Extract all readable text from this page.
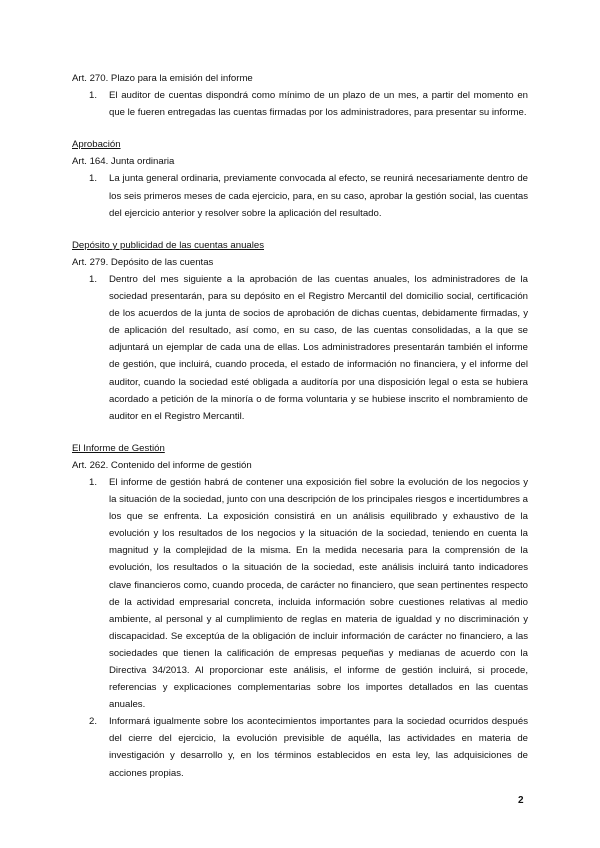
Art. 270. Plazo para la emisión del informe
1. El auditor de cuentas dispondrá como mínimo de un plazo de un mes, a partir del momento en que le fueren entregadas las cuentas firmadas por los administradores, para presentar su informe.
Aprobación
Art. 164. Junta ordinaria
1. La junta general ordinaria, previamente convocada al efecto, se reunirá necesariamente dentro de los seis primeros meses de cada ejercicio, para, en su caso, aprobar la gestión social, las cuentas del ejercicio anterior y resolver sobre la aplicación del resultado.
Depósito y publicidad de las cuentas anuales
Art. 279. Depósito de las cuentas
1. Dentro del mes siguiente a la aprobación de las cuentas anuales, los administradores de la sociedad presentarán, para su depósito en el Registro Mercantil del domicilio social, certificación de los acuerdos de la junta de socios de aprobación de dichas cuentas, debidamente firmadas, y de aplicación del resultado, así como, en su caso, de las cuentas consolidadas, a la que se adjuntará un ejemplar de cada una de ellas. Los administradores presentarán también el informe de gestión, que incluirá, cuando proceda, el estado de información no financiera, y el informe del auditor, cuando la sociedad esté obligada a auditoría por una disposición legal o esta se hubiera acordado a petición de la minoría o de forma voluntaria y se hubiese inscrito el nombramiento de auditor en el Registro Mercantil.
El Informe de Gestión
Art. 262. Contenido del informe de gestión
1. El informe de gestión habrá de contener una exposición fiel sobre la evolución de los negocios y la situación de la sociedad, junto con una descripción de los principales riesgos e incertidumbres a los que se enfrenta. La exposición consistirá en un análisis equilibrado y exhaustivo de la evolución y los resultados de los negocios y la situación de la sociedad, teniendo en cuenta la magnitud y la complejidad de la misma. En la medida necesaria para la comprensión de la evolución, los resultados o la situación de la sociedad, este análisis incluirá tanto indicadores clave financieros como, cuando proceda, de carácter no financiero, que sean pertinentes respecto de la actividad empresarial concreta, incluida información sobre cuestiones relativas al medio ambiente, al personal y al cumplimiento de reglas en materia de igualdad y no discriminación y discapacidad. Se exceptúa de la obligación de incluir información de carácter no financiero, a las sociedades que tienen la calificación de empresas pequeñas y medianas de acuerdo con la Directiva 34/2013. Al proporcionar este análisis, el informe de gestión incluirá, si procede, referencias y explicaciones complementarias sobre los importes detallados en las cuentas anuales.
2. Informará igualmente sobre los acontecimientos importantes para la sociedad ocurridos después del cierre del ejercicio, la evolución previsible de aquélla, las actividades en materia de investigación y desarrollo y, en los términos establecidos en esta ley, las adquisiciones de acciones propias.
2
